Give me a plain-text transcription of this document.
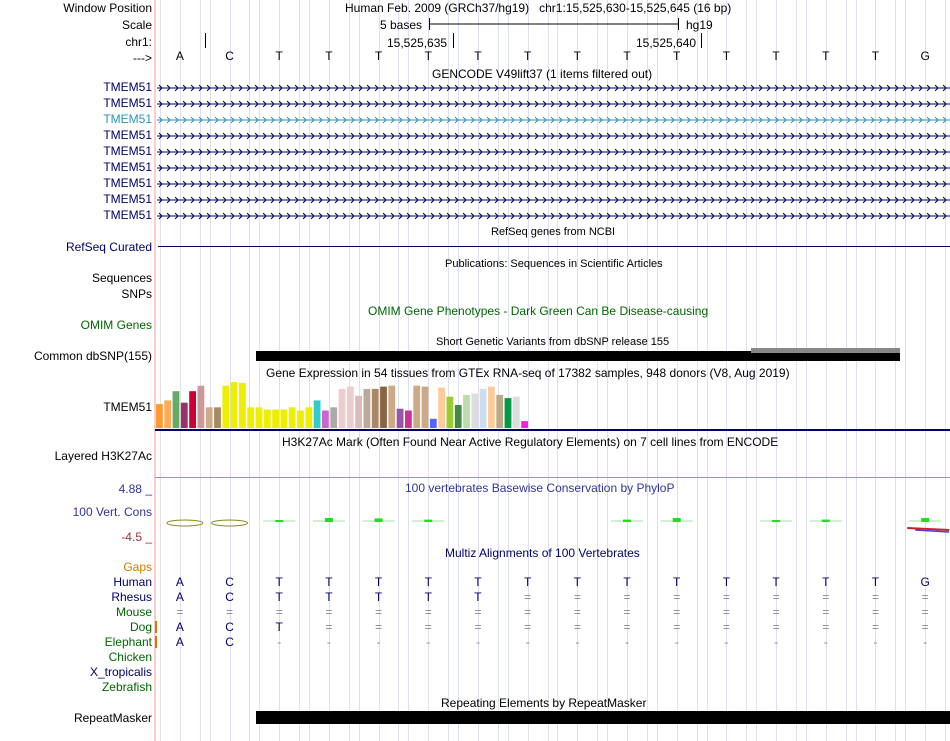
Window Position
Scale
chr1:
--->
Human Feb. 2009 (GRCh37/hg19)   chr1:15,525,630-15,525,645 (16 bp)
5 bases	hg19
15,525,635	15,525,640
A	C	T	T	T	T	T	T	T	T	T	T	T	T	T	G
GENCODE V49lift37 (1 items filtered out)
TMEM51
TMEM51
TMEM51
TMEM51
TMEM51
TMEM51
TMEM51
TMEM51
TMEM51
RefSeq genes from NCBI
RefSeq Curated
Publications: Sequences in Scientific Articles
Sequences
SNPs
OMIM Gene Phenotypes - Dark Green Can Be Disease-causing
OMIM Genes
Short Genetic Variants from dbSNP release 155
Common dbSNP(155)
Gene Expression in 54 tissues from GTEx RNA-seq of 17382 samples, 948 donors (V8, Aug 2019)
TMEM51
H3K27Ac Mark (Often Found Near Active Regulatory Elements) on 7 cell lines from ENCODE
Layered H3K27Ac
100 vertebrates Basewise Conservation by PhyloP
4.88 _
100 Vert. Cons
-4.5 _
Multiz Alignments of 100 Vertebrates
Gaps
Human	A	C	T	T	T	T	T	T	T	T	T	T	T	T	T	G
Rhesus	A	C	T	T	T	T	T	=	=	=	=	=	=	=	=	=
Mouse	=	=	=	=	=	=	=	=	=	=	=	=	=	=	=	=
Dog	A	C	T	=	=	=	=	=	=	=	=	=	=	=	=	=
Elephant	A	C	-	-	-	-	-	-	-	-	-	-	-	-	-	-
Chicken
X_tropicalis
Zebrafish
Repeating Elements by RepeatMasker
RepeatMasker
